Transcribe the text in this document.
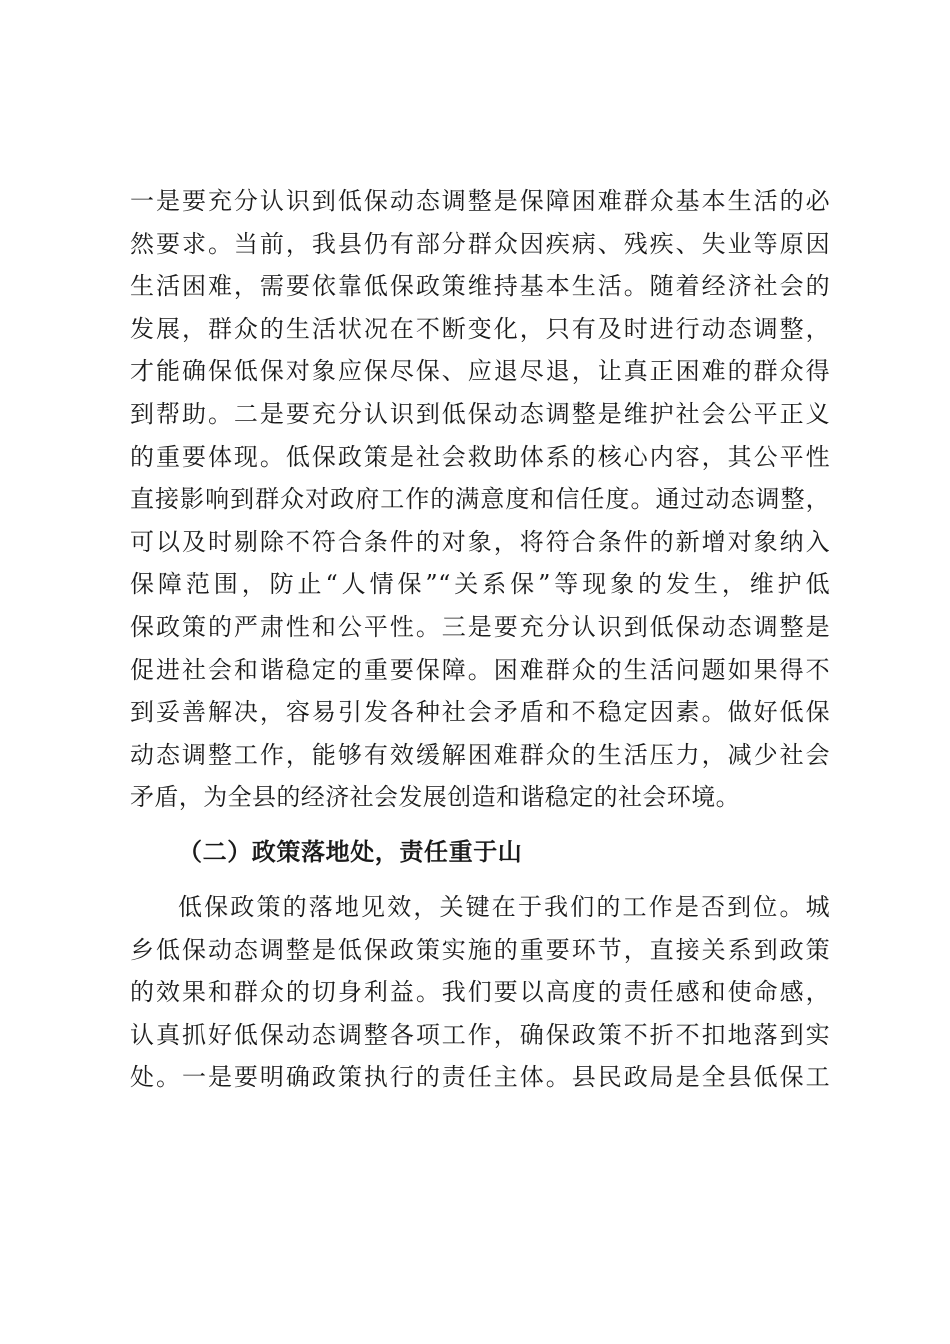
一是要充分认识到低保动态调整是保障困难群众基本生活的必
然要求。当前，我县仍有部分群众因疾病、残疾、失业等原因
生活困难，需要依靠低保政策维持基本生活。随着经济社会的
发展，群众的生活状况在不断变化，只有及时进行动态调整，
才能确保低保对象应保尽保、应退尽退，让真正困难的群众得
到帮助。二是要充分认识到低保动态调整是维护社会公平正义
的重要体现。低保政策是社会救助体系的核心内容，其公平性
直接影响到群众对政府工作的满意度和信任度。通过动态调整，
可以及时剔除不符合条件的对象，将符合条件的新增对象纳入
保障范围，防止“人情保”“关系保”等现象的发生，维护低
保政策的严肃性和公平性。三是要充分认识到低保动态调整是
促进社会和谐稳定的重要保障。困难群众的生活问题如果得不
到妥善解决，容易引发各种社会矛盾和不稳定因素。做好低保
动态调整工作，能够有效缓解困难群众的生活压力，减少社会
矛盾，为全县的经济社会发展创造和谐稳定的社会环境。
（二）政策落地处，责任重于山
低保政策的落地见效，关键在于我们的工作是否到位。城
乡低保动态调整是低保政策实施的重要环节，直接关系到政策
的效果和群众的切身利益。我们要以高度的责任感和使命感，
认真抓好低保动态调整各项工作，确保政策不折不扣地落到实
处。一是要明确政策执行的责任主体。县民政局是全县低保工
